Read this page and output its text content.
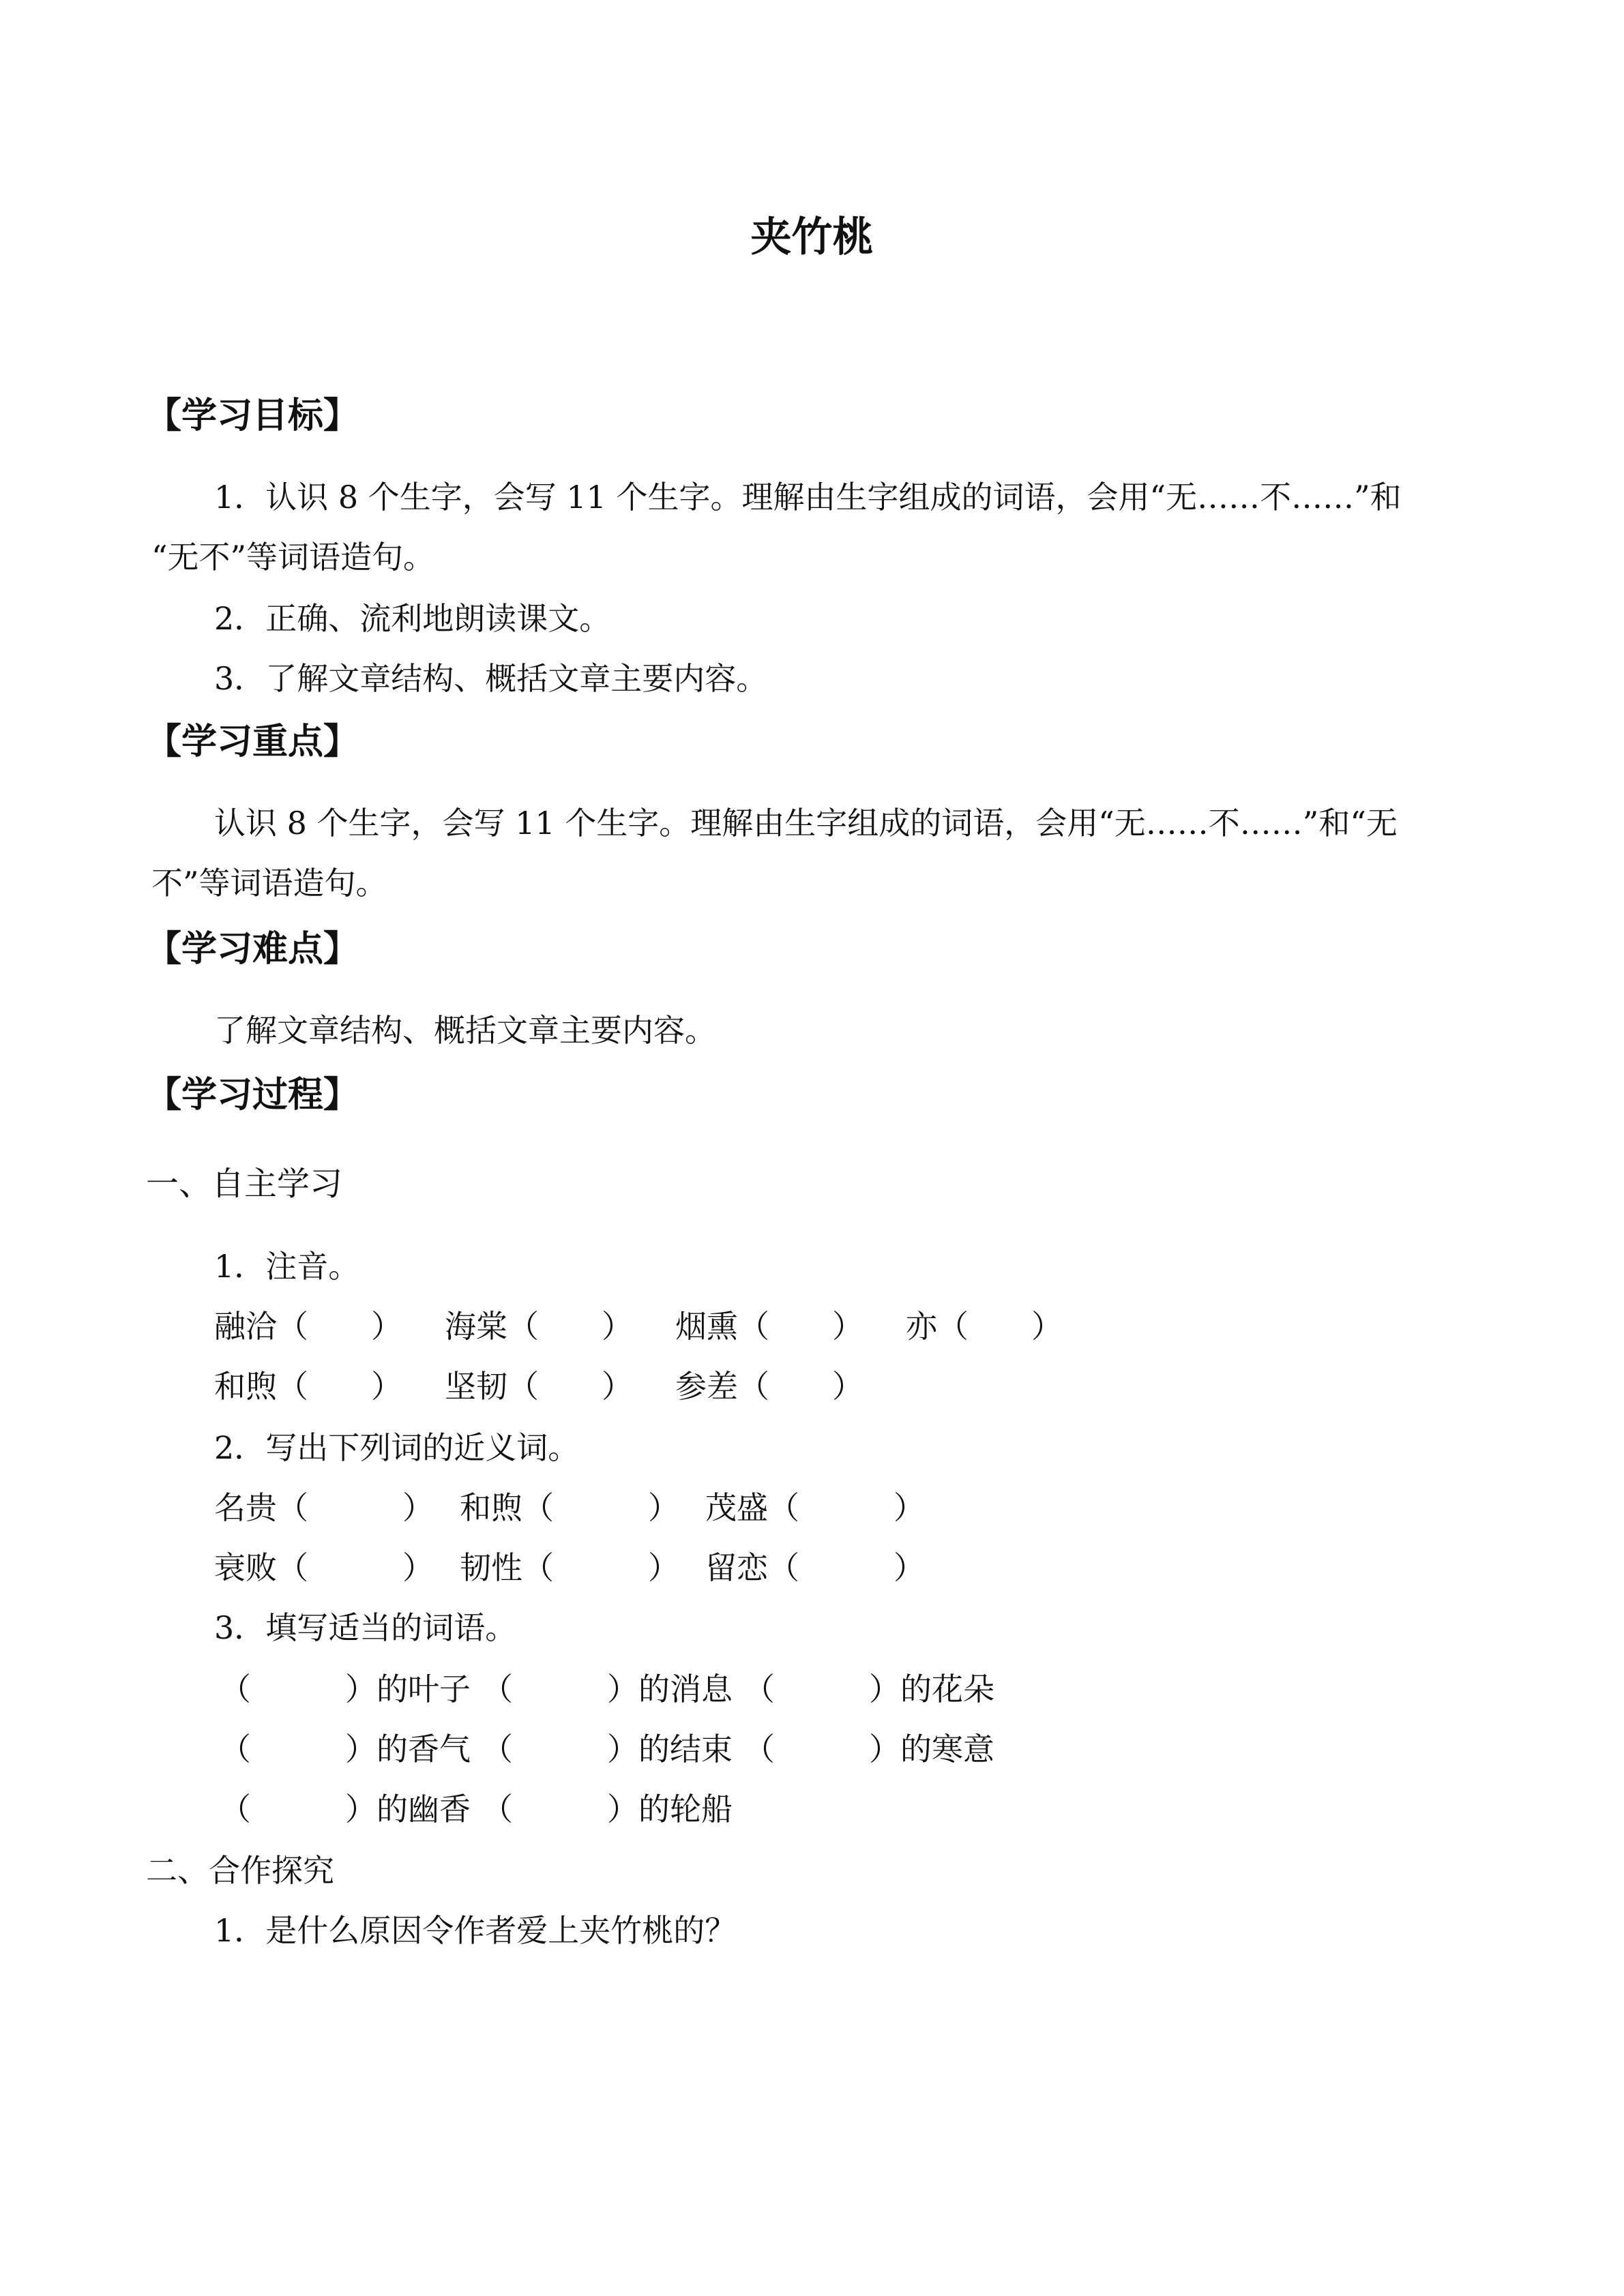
夹竹桃
【学习目标】
1．认识 8 个生字，会写 11 个生字。理解由生字组成的词语，会用“无……不……”和
“无不”等词语造句。
2．正确、流利地朗读课文。
3．了解文章结构、概括文章主要内容。
【学习重点】
认识 8 个生字，会写 11 个生字。理解由生字组成的词语，会用“无……不……”和“无
不”等词语造句。
【学习难点】
了解文章结构、概括文章主要内容。
【学习过程】
一、自主学习
1．注音。
融洽（　　） 海棠（　　） 烟熏（　　） 亦（　　）
和煦（　　） 坚韧（　　） 参差（　　）
2．写出下列词的近义词。
名贵（　　　） 和煦（　　　） 茂盛（　　　）
衰败（　　　） 韧性（　　　） 留恋（　　　）
3．填写适当的词语。
（　　　）的叶子 （　　　）的消息 （　　　）的花朵
（　　　）的香气 （　　　）的结束 （　　　）的寒意
（　　　）的幽香 （　　　）的轮船
二、合作探究
1．是什么原因令作者爱上夹竹桃的？
